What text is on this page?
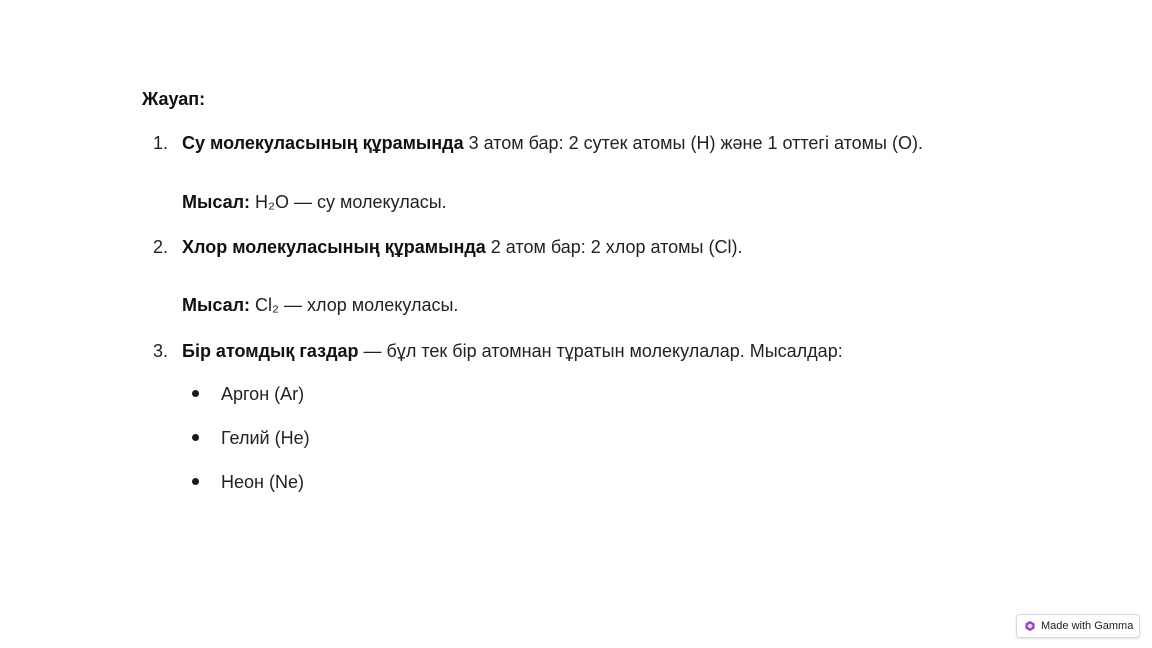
Жауап:
1. Су молекуласының құрамында 3 атом бар: 2 сутек атомы (H) және 1 оттегі атомы (O).
Мысал: H₂O — су молекуласы.
2. Хлор молекуласының құрамында 2 атом бар: 2 хлор атомы (Cl).
Мысал: Cl₂ — хлор молекуласы.
3. Бір атомдық газдар — бұл тек бір атомнан тұратын молекулалар. Мысалдар:
Аргон (Ar)
Гелий (He)
Неон (Ne)
Made with Gamma
